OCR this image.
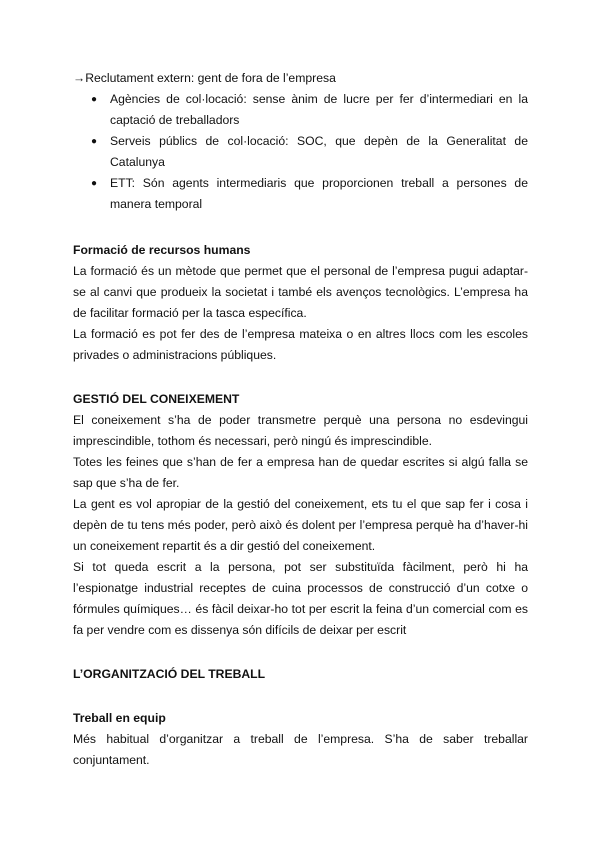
→Reclutament extern: gent de fora de l’empresa

● Agències de col·locació: sense ànim de lucre per fer d’intermediari en la captació de treballadors
● Serveis públics de col·locació: SOC, que depèn de la Generalitat de Catalunya
● ETT: Són agents intermediaris que proporcionen treball a persones de manera temporal
Formació de recursos humans

La formació és un mètode que permet que el personal de l’empresa pugui adaptar-se al canvi que produeix la societat i també els avenços tecnològics. L’empresa ha de facilitar formació per la tasca específica.

La formació es pot fer des de l’empresa mateixa o en altres llocs com les escoles privades o administracions públiques.

GESTIÓ DEL CONEIXEMENT

El coneixement s’ha de poder transmetre perquè una persona no esdevingui imprescindible, tothom és necessari, però ningú és imprescindible.

Totes les feines que s’han de fer a empresa han de quedar escrites si algú falla se sap que s’ha de fer.

La gent es vol apropiar de la gestió del coneixement, ets tu el que sap fer i cosa i depèn de tu tens més poder, però això és dolent per l’empresa perquè ha d’haver-hi un coneixement repartit és a dir gestió del coneixement.

Si tot queda escrit a la persona, pot ser substituïda fàcilment, però hi ha l’espionatge industrial receptes de cuina processos de construcció d’un cotxe o fórmules químiques… és fàcil deixar-ho tot per escrit la feina d’un comercial com es fa per vendre com es dissenya són difícils de deixar per escrit

L’ORGANITZACIÓ DEL TREBALL
Treball en equip

Més habitual d’organitzar a treball de l’empresa. S’ha de saber treballar conjuntament.
